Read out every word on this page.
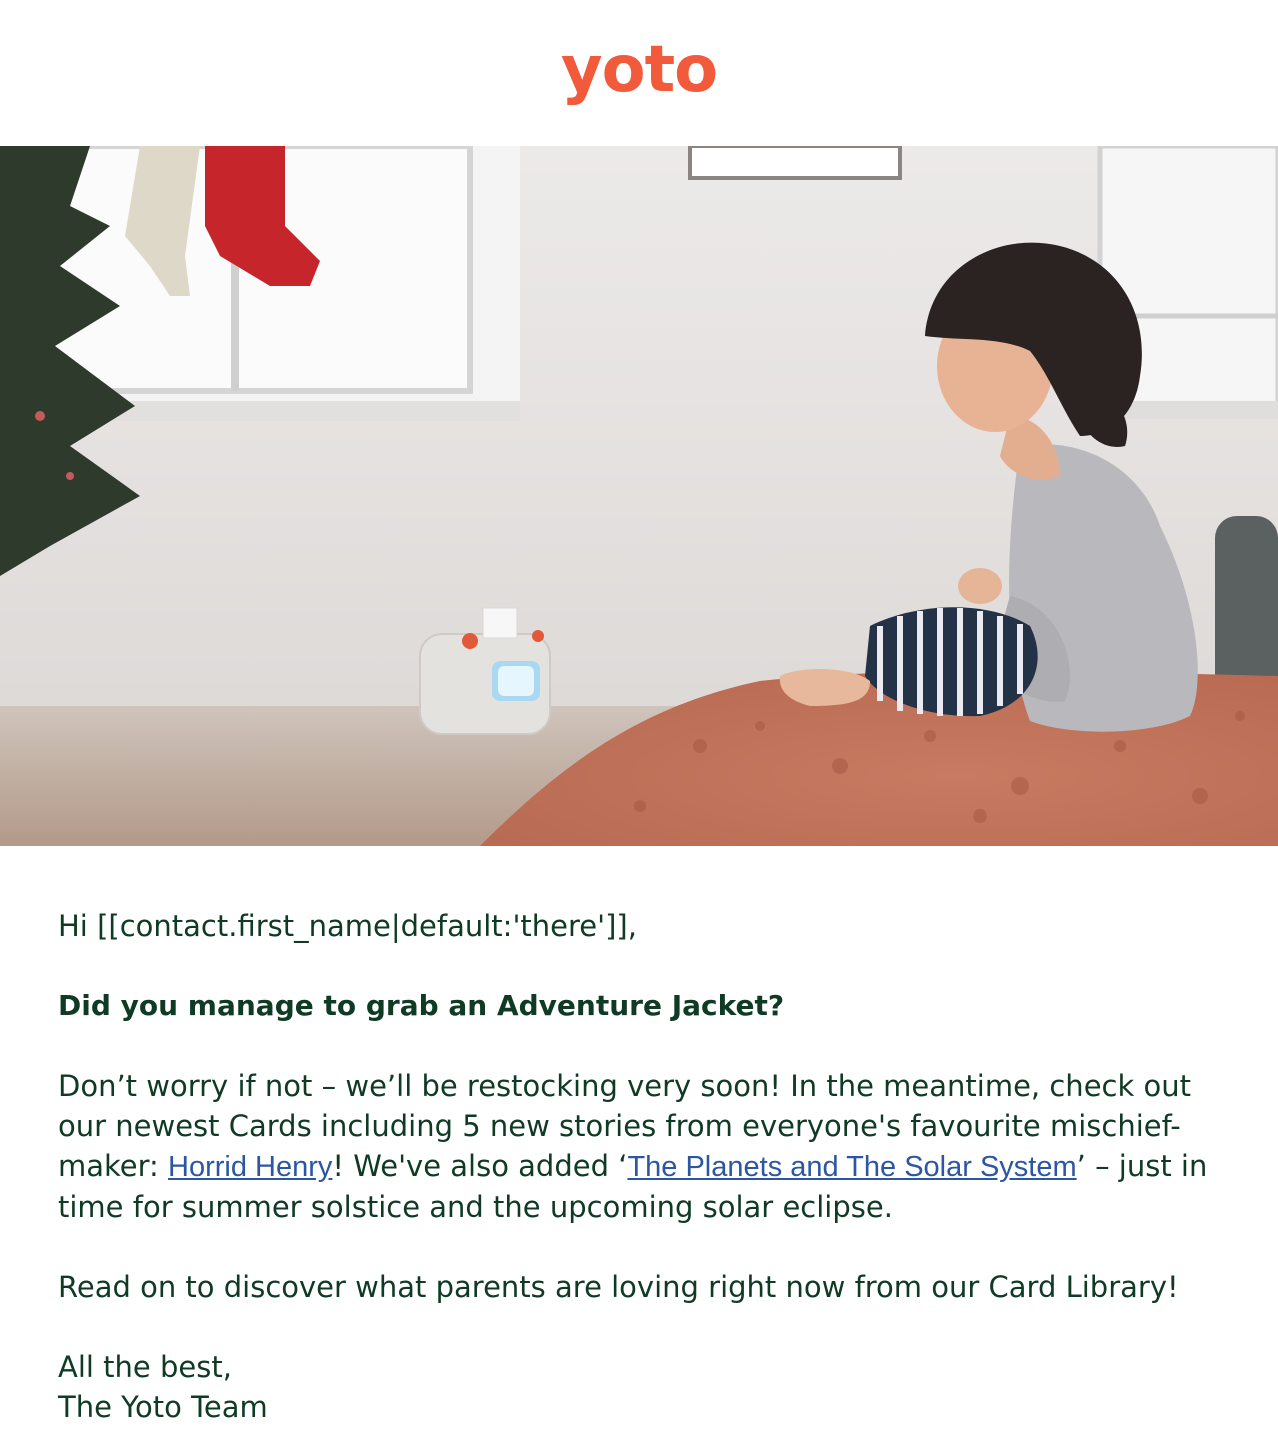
yoto

Hi [[contact.first_name|default:'there']],

Did you manage to grab an Adventure Jacket?

Don’t worry if not – we’ll be restocking very soon! In the meantime, check out our newest Cards including 5 new stories from everyone's favourite mischief-maker: Horrid Henry! We've also added ‘The Planets and The Solar System’ – just in time for summer solstice and the upcoming solar eclipse.

Read on to discover what parents are loving right now from our Card Library!

All the best,

The Yoto Team
